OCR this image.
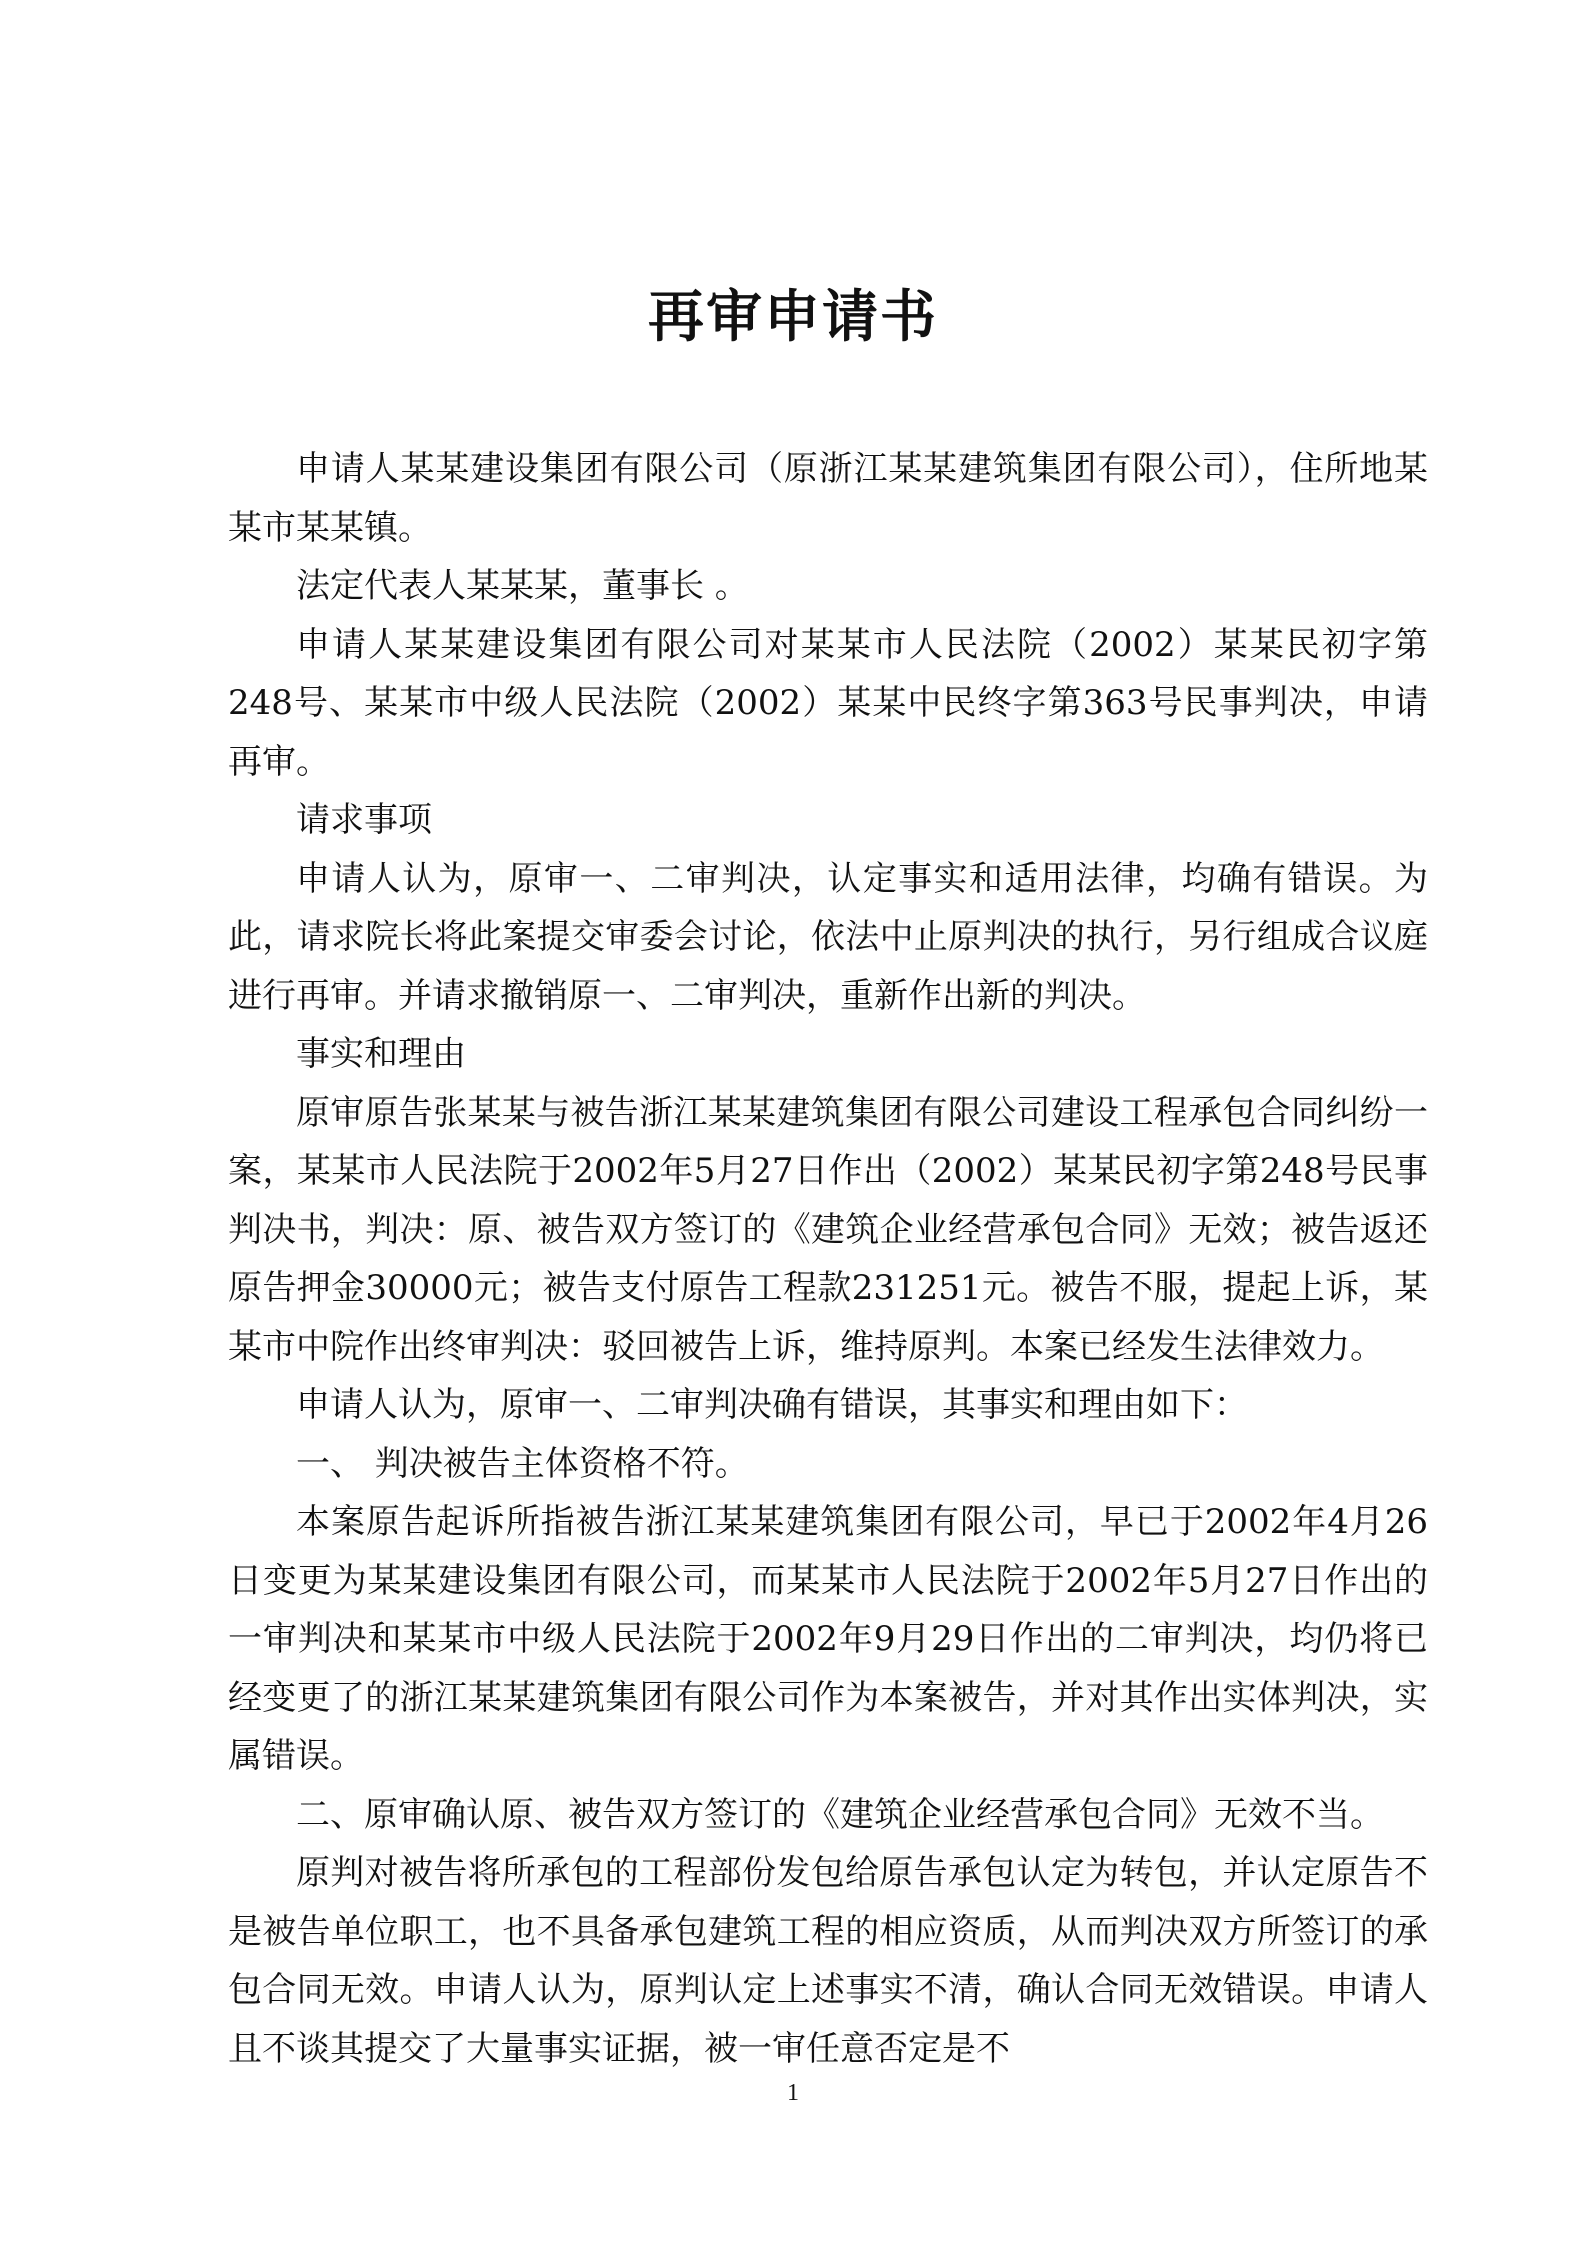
再审申请书

申请人某某建设集团有限公司（原浙江某某建筑集团有限公司），住所地某某市某某镇。

法定代表人某某某，董事长 。

申请人某某建设集团有限公司对某某市人民法院（2002）某某民初字第248号、某某市中级人民法院（2002）某某中民终字第363号民事判决，申请再审。

请求事项

申请人认为，原审一、二审判决，认定事实和适用法律，均确有错误。为此，请求院长将此案提交审委会讨论，依法中止原判决的执行，另行组成合议庭进行再审。并请求撤销原一、二审判决，重新作出新的判决。

事实和理由

原审原告张某某与被告浙江某某建筑集团有限公司建设工程承包合同纠纷一案，某某市人民法院于2002年5月27日作出（2002）某某民初字第248号民事判决书，判决：原、被告双方签订的《建筑企业经营承包合同》无效；被告返还原告押金30000元；被告支付原告工程款231251元。被告不服，提起上诉，某某市中院作出终审判决：驳回被告上诉，维持原判。本案已经发生法律效力。

申请人认为，原审一、二审判决确有错误，其事实和理由如下：

一、 判决被告主体资格不符。

本案原告起诉所指被告浙江某某建筑集团有限公司，早已于2002年4月26日变更为某某建设集团有限公司，而某某市人民法院于2002年5月27日作出的一审判决和某某市中级人民法院于2002年9月29日作出的二审判决，均仍将已经变更了的浙江某某建筑集团有限公司作为本案被告，并对其作出实体判决，实属错误。

二、原审确认原、被告双方签订的《建筑企业经营承包合同》无效不当。

原判对被告将所承包的工程部份发包给原告承包认定为转包，并认定原告不是被告单位职工，也不具备承包建筑工程的相应资质，从而判决双方所签订的承包合同无效。申请人认为，原判认定上述事实不清，确认合同无效错误。申请人且不谈其提交了大量事实证据，被一审任意否定是不

1
